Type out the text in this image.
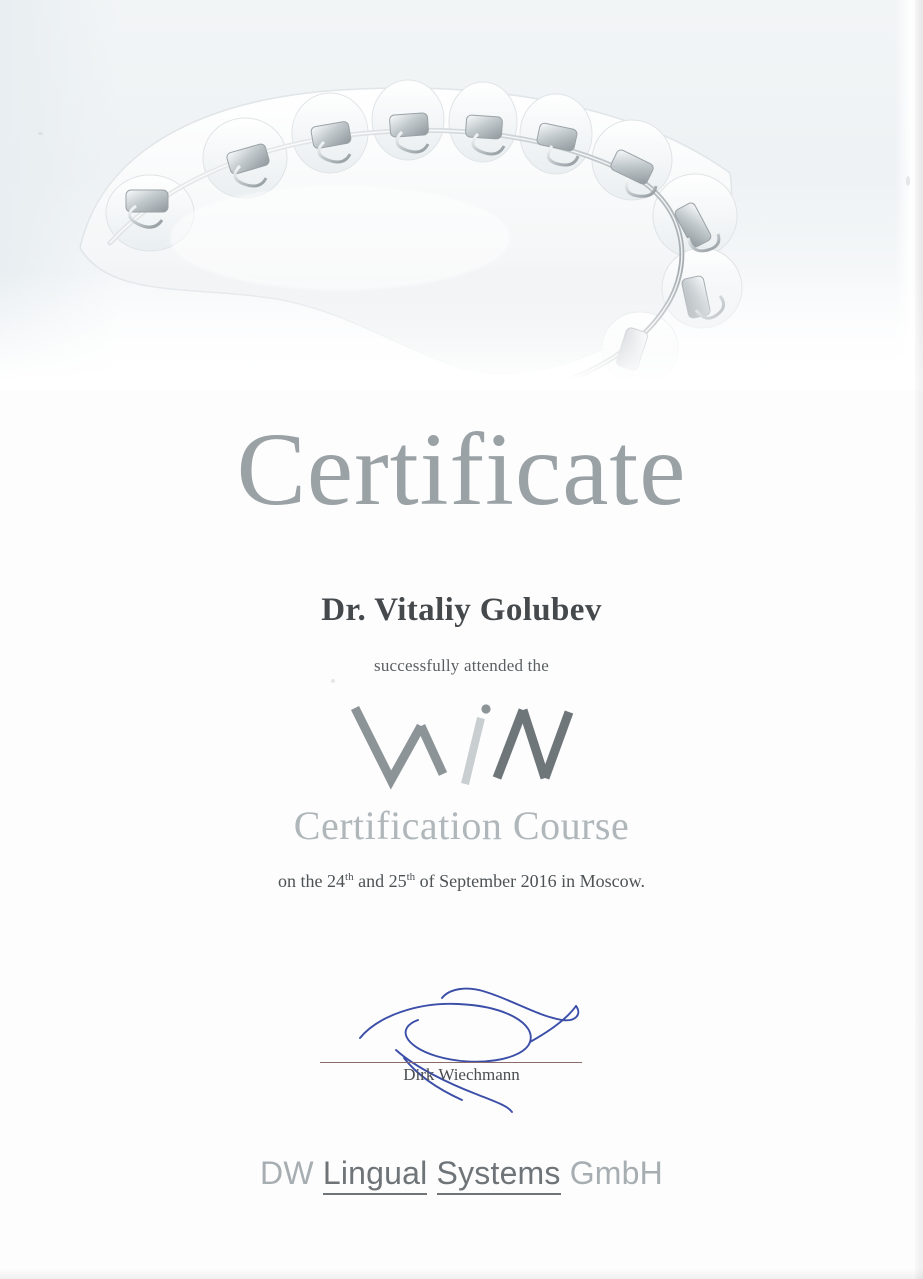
Certificate
Dr. Vitaliy Golubev
successfully attended the
Certification Course
on the 24th and 25th of September 2016 in Moscow.
Dirk Wiechmann
DW Lingual Systems GmbH
